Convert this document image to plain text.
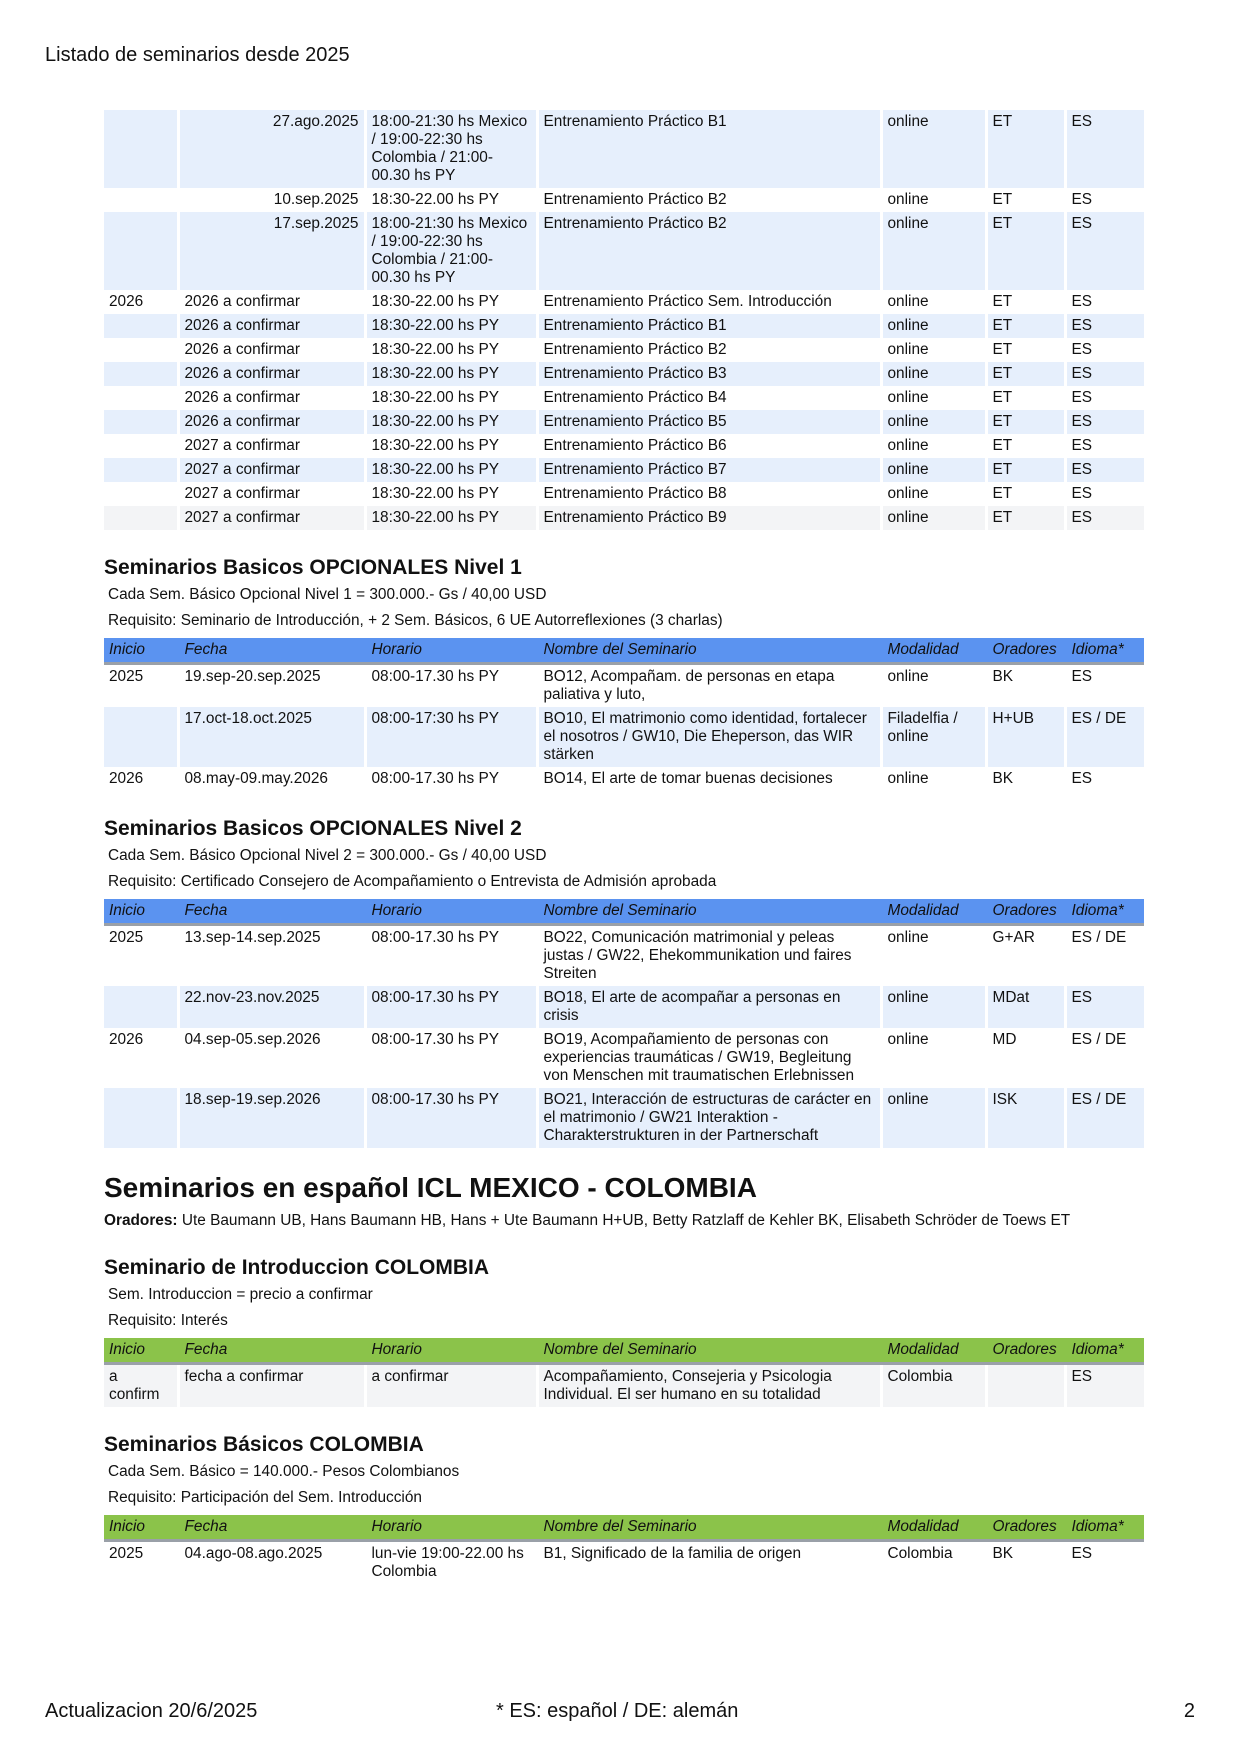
Listado de seminarios desde 2025
	27.ago.2025	18:00-21:30 hs Mexico / 19:00-22:30 hs Colombia / 21:00-00.30 hs PY	Entrenamiento Práctico B1	online	ET	ES
	10.sep.2025	18:30-22.00 hs PY	Entrenamiento Práctico B2	online	ET	ES
	17.sep.2025	18:00-21:30 hs Mexico / 19:00-22:30 hs Colombia / 21:00-00.30 hs PY	Entrenamiento Práctico B2	online	ET	ES
2026	2026 a confirmar	18:30-22.00 hs PY	Entrenamiento Práctico Sem. Introducción	online	ET	ES
	2026 a confirmar	18:30-22.00 hs PY	Entrenamiento Práctico B1	online	ET	ES
	2026 a confirmar	18:30-22.00 hs PY	Entrenamiento Práctico B2	online	ET	ES
	2026 a confirmar	18:30-22.00 hs PY	Entrenamiento Práctico B3	online	ET	ES
	2026 a confirmar	18:30-22.00 hs PY	Entrenamiento Práctico B4	online	ET	ES
	2026 a confirmar	18:30-22.00 hs PY	Entrenamiento Práctico B5	online	ET	ES
	2027 a confirmar	18:30-22.00 hs PY	Entrenamiento Práctico B6	online	ET	ES
	2027 a confirmar	18:30-22.00 hs PY	Entrenamiento Práctico B7	online	ET	ES
	2027 a confirmar	18:30-22.00 hs PY	Entrenamiento Práctico B8	online	ET	ES
	2027 a confirmar	18:30-22.00 hs PY	Entrenamiento Práctico B9	online	ET	ES
Seminarios Basicos OPCIONALES Nivel 1
Cada Sem. Básico Opcional Nivel 1 = 300.000.- Gs / 40,00 USD
Requisito: Seminario de Introducción, + 2 Sem. Básicos, 6 UE Autorreflexiones (3 charlas)
Inicio	Fecha	Horario	Nombre del Seminario	Modalidad	Oradores	Idioma*
2025	19.sep-20.sep.2025	08:00-17.30 hs PY	BO12, Acompañam. de personas en etapa paliativa y luto,	online	BK	ES
	17.oct-18.oct.2025	08:00-17:30 hs PY	BO10, El matrimonio como identidad, fortalecer el nosotros / GW10, Die Eheperson, das WIR stärken	Filadelfia / online	H+UB	ES / DE
2026	08.may-09.may.2026	08:00-17.30 hs PY	BO14, El arte de tomar buenas decisiones	online	BK	ES
Seminarios Basicos OPCIONALES Nivel 2
Cada Sem. Básico Opcional Nivel 2 = 300.000.- Gs / 40,00 USD
Requisito: Certificado Consejero de Acompañamiento o Entrevista de Admisión aprobada
Inicio	Fecha	Horario	Nombre del Seminario	Modalidad	Oradores	Idioma*
2025	13.sep-14.sep.2025	08:00-17.30 hs PY	BO22, Comunicación matrimonial y peleas justas / GW22, Ehekommunikation und faires Streiten	online	G+AR	ES / DE
	22.nov-23.nov.2025	08:00-17.30 hs PY	BO18, El arte de acompañar a personas en crisis	online	MDat	ES
2026	04.sep-05.sep.2026	08:00-17.30 hs PY	BO19, Acompañamiento de personas con experiencias traumáticas / GW19, Begleitung von Menschen mit traumatischen Erlebnissen	online	MD	ES / DE
	18.sep-19.sep.2026	08:00-17.30 hs PY	BO21, Interacción de estructuras de carácter en el matrimonio / GW21 Interaktion - Charakterstrukturen in der Partnerschaft	online	ISK	ES / DE
Seminarios en español ICL MEXICO - COLOMBIA
Oradores: Ute Baumann UB, Hans Baumann HB, Hans + Ute Baumann H+UB, Betty Ratzlaff de Kehler BK, Elisabeth Schröder de Toews ET
Seminario de Introduccion COLOMBIA
Sem. Introduccion = precio a confirmar
Requisito: Interés
Inicio	Fecha	Horario	Nombre del Seminario	Modalidad	Oradores	Idioma*
a confirm	fecha a confirmar	a confirmar	Acompañamiento, Consejeria y Psicologia Individual. El ser humano en su totalidad	Colombia		ES
Seminarios Básicos COLOMBIA
Cada Sem. Básico = 140.000.- Pesos Colombianos
Requisito: Participación del Sem. Introducción
Inicio	Fecha	Horario	Nombre del Seminario	Modalidad	Oradores	Idioma*
2025	04.ago-08.ago.2025	lun-vie 19:00-22.00 hs Colombia	B1, Significado de la familia de origen	Colombia	BK	ES
Actualizacion 20/6/2025	* ES: español / DE: alemán	2
